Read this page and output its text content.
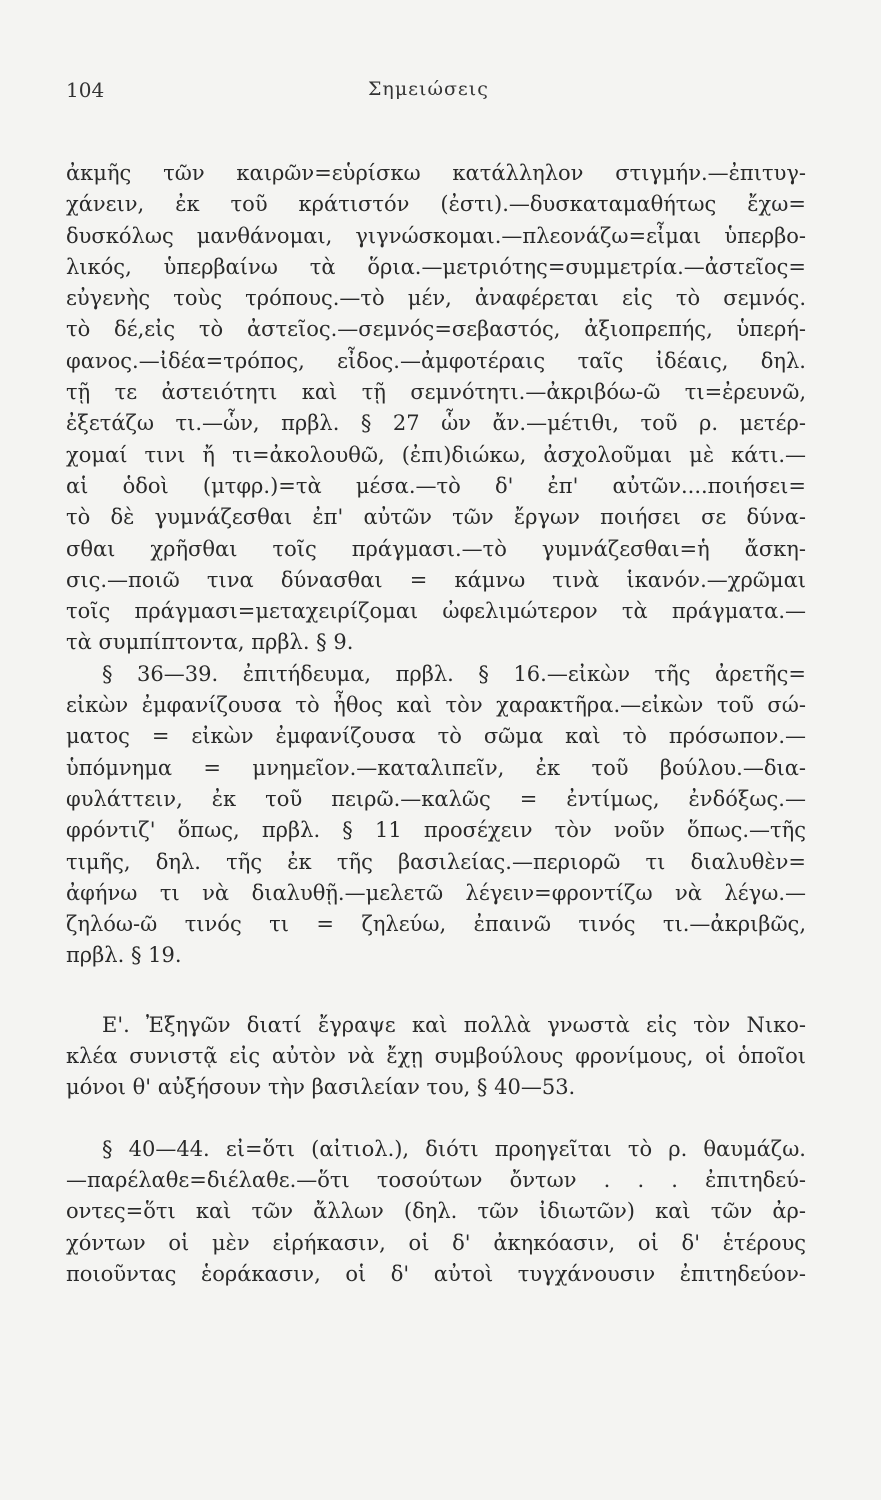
104	Σημειώσεις

ἀκμῆς τῶν καιρῶν=εὑρίσκω κατάλληλον στιγμήν.—ἐπιτυγ-
χάνειν, ἐκ τοῦ κράτιστόν (ἐστι).—δυσκαταμαθήτως ἔχω=
δυσκόλως μανθάνομαι, γιγνώσκομαι.—πλεονάζω=εἶμαι ὑπερβο-
λικός, ὑπερβαίνω τὰ ὅρια.—μετριότης=συμμετρία.—ἀστεῖος=
εὐγενὴς τοὺς τρόπους.—τὸ μέν, ἀναφέρεται εἰς τὸ σεμνός.
τὸ δέ,εἰς τὸ ἀστεῖος.—σεμνός=σεβαστός, ἀξιοπρεπής, ὑπερή-
φανος.—ἰδέα=τρόπος, εἶδος.—ἀμφοτέραις ταῖς ἰδέαις, δηλ.
τῇ τε ἀστειότητι καὶ τῇ σεμνότητι.—ἀκριβόω-ῶ τι=ἐρευνῶ,
ἐξετάζω τι.—ὧν, πρβλ. § 27 ὧν ἄν.—μέτιθι, τοῦ ρ. μετέρ-
χομαί τινι ἤ τι=ἀκολουθῶ, (ἐπι)διώκω, ἀσχολοῦμαι μὲ κάτι.—
αἱ ὁδοὶ (μτφρ.)=τὰ μέσα.—τὸ δ' ἐπ' αὐτῶν....ποιήσει=
τὸ δὲ γυμνάζεσθαι ἐπ' αὐτῶν τῶν ἔργων ποιήσει σε δύνα-
σθαι χρῆσθαι τοῖς πράγμασι.—τὸ γυμνάζεσθαι=ἡ ἄσκη-
σις.—ποιῶ τινα δύνασθαι = κάμνω τινὰ ἱκανόν.—χρῶμαι
τοῖς πράγμασι=μεταχειρίζομαι ὠφελιμώτερον τὰ πράγματα.—
τὰ συμπίπτοντα, πρβλ. § 9.

§ 36—39. ἐπιτήδευμα, πρβλ. § 16.—εἰκὼν τῆς ἀρετῆς=
εἰκὼν ἐμφανίζουσα τὸ ἦθος καὶ τὸν χαρακτῆρα.—εἰκὼν τοῦ σώ-
ματος = εἰκὼν ἐμφανίζουσα τὸ σῶμα καὶ τὸ πρόσωπον.—
ὑπόμνημα = μνημεῖον.—καταλιπεῖν, ἐκ τοῦ βούλου.—δια-
φυλάττειν, ἐκ τοῦ πειρῶ.—καλῶς = ἐντίμως, ἐνδόξως.—
φρόντιζ' ὅπως, πρβλ. § 11 προσέχειν τὸν νοῦν ὅπως.—τῆς
τιμῆς, δηλ. τῆς ἐκ τῆς βασιλείας.—περιορῶ τι διαλυθὲν=
ἀφήνω τι νὰ διαλυθῇ.—μελετῶ λέγειν=φροντίζω νὰ λέγω.—
ζηλόω-ῶ τινός τι = ζηλεύω, ἐπαινῶ τινός τι.—ἀκριβῶς,
πρβλ. § 19.

Ε'. Ἐξηγῶν διατί ἔγραψε καὶ πολλὰ γνωστὰ εἰς τὸν Νικο-
κλέα συνιστᾷ εἰς αὐτὸν νὰ ἔχῃ συμβούλους φρονίμους, οἱ ὁποῖοι
μόνοι θ' αὐξήσουν τὴν βασιλείαν του, § 40—53.

§ 40—44. εἰ=ὅτι (αἰτιολ.), διότι προηγεῖται τὸ ρ. θαυμάζω.
—παρέλαθε=διέλαθε.—ὅτι τοσούτων ὄντων . . . ἐπιτηδεύ-
οντες=ὅτι καὶ τῶν ἄλλων (δηλ. τῶν ἰδιωτῶν) καὶ τῶν ἀρ-
χόντων οἱ μὲν εἰρήκασιν, οἱ δ' ἀκηκόασιν, οἱ δ' ἑτέρους
ποιοῦντας ἑοράκασιν, οἱ δ' αὐτοὶ τυγχάνουσιν ἐπιτηδεύον-
